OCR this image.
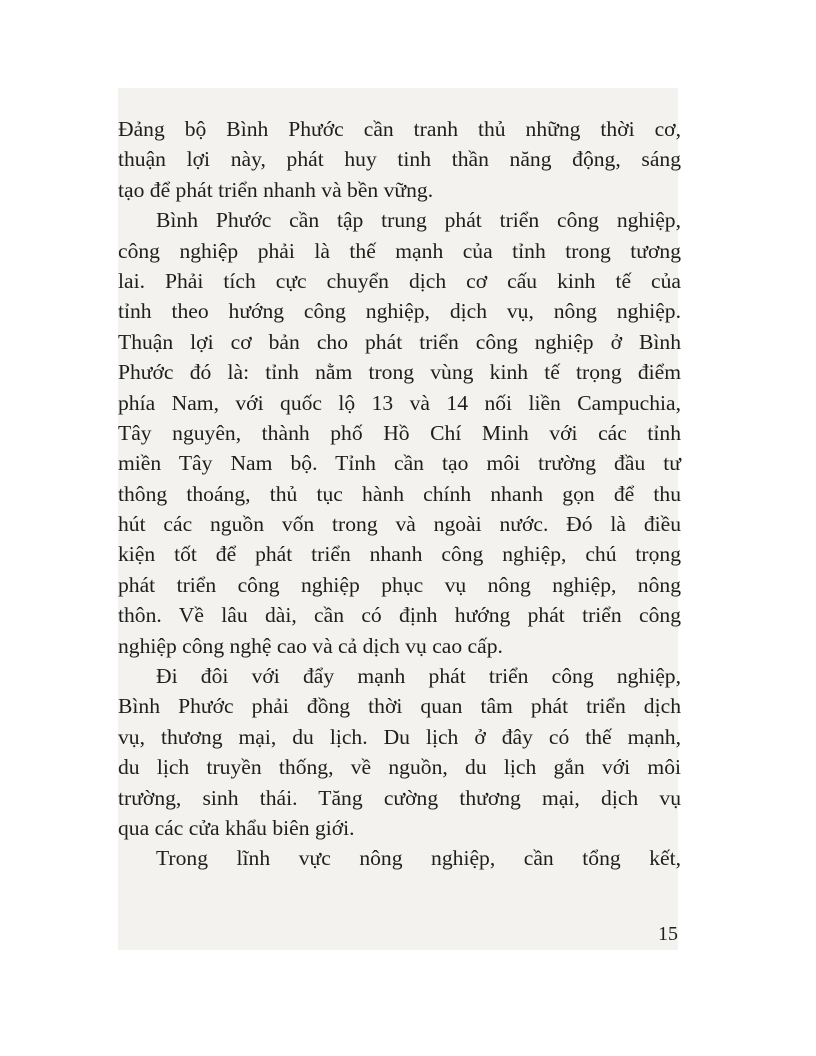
Đảng bộ Bình Phước cần tranh thủ những thời cơ,
thuận lợi này, phát huy tinh thần năng động, sáng
tạo để phát triển nhanh và bền vững.
Bình Phước cần tập trung phát triển công nghiệp,
công nghiệp phải là thế mạnh của tỉnh trong tương
lai. Phải tích cực chuyển dịch cơ cấu kinh tế của
tỉnh theo hướng công nghiệp, dịch vụ, nông nghiệp.
Thuận lợi cơ bản cho phát triển công nghiệp ở Bình
Phước đó là: tỉnh nằm trong vùng kinh tế trọng điểm
phía Nam, với quốc lộ 13 và 14 nối liền Campuchia,
Tây nguyên, thành phố Hồ Chí Minh với các tỉnh
miền Tây Nam bộ. Tỉnh cần tạo môi trường đầu tư
thông thoáng, thủ tục hành chính nhanh gọn để thu
hút các nguồn vốn trong và ngoài nước. Đó là điều
kiện tốt để phát triển nhanh công nghiệp, chú trọng
phát triển công nghiệp phục vụ nông nghiệp, nông
thôn. Về lâu dài, cần có định hướng phát triển công
nghiệp công nghệ cao và cả dịch vụ cao cấp.
Đi đôi với đẩy mạnh phát triển công nghiệp,
Bình Phước phải đồng thời quan tâm phát triển dịch
vụ, thương mại, du lịch. Du lịch ở đây có thế mạnh,
du lịch truyền thống, về nguồn, du lịch gắn với môi
trường, sinh thái. Tăng cường thương mại, dịch vụ
qua các cửa khẩu biên giới.
Trong lĩnh vực nông nghiệp, cần tổng kết,
15
